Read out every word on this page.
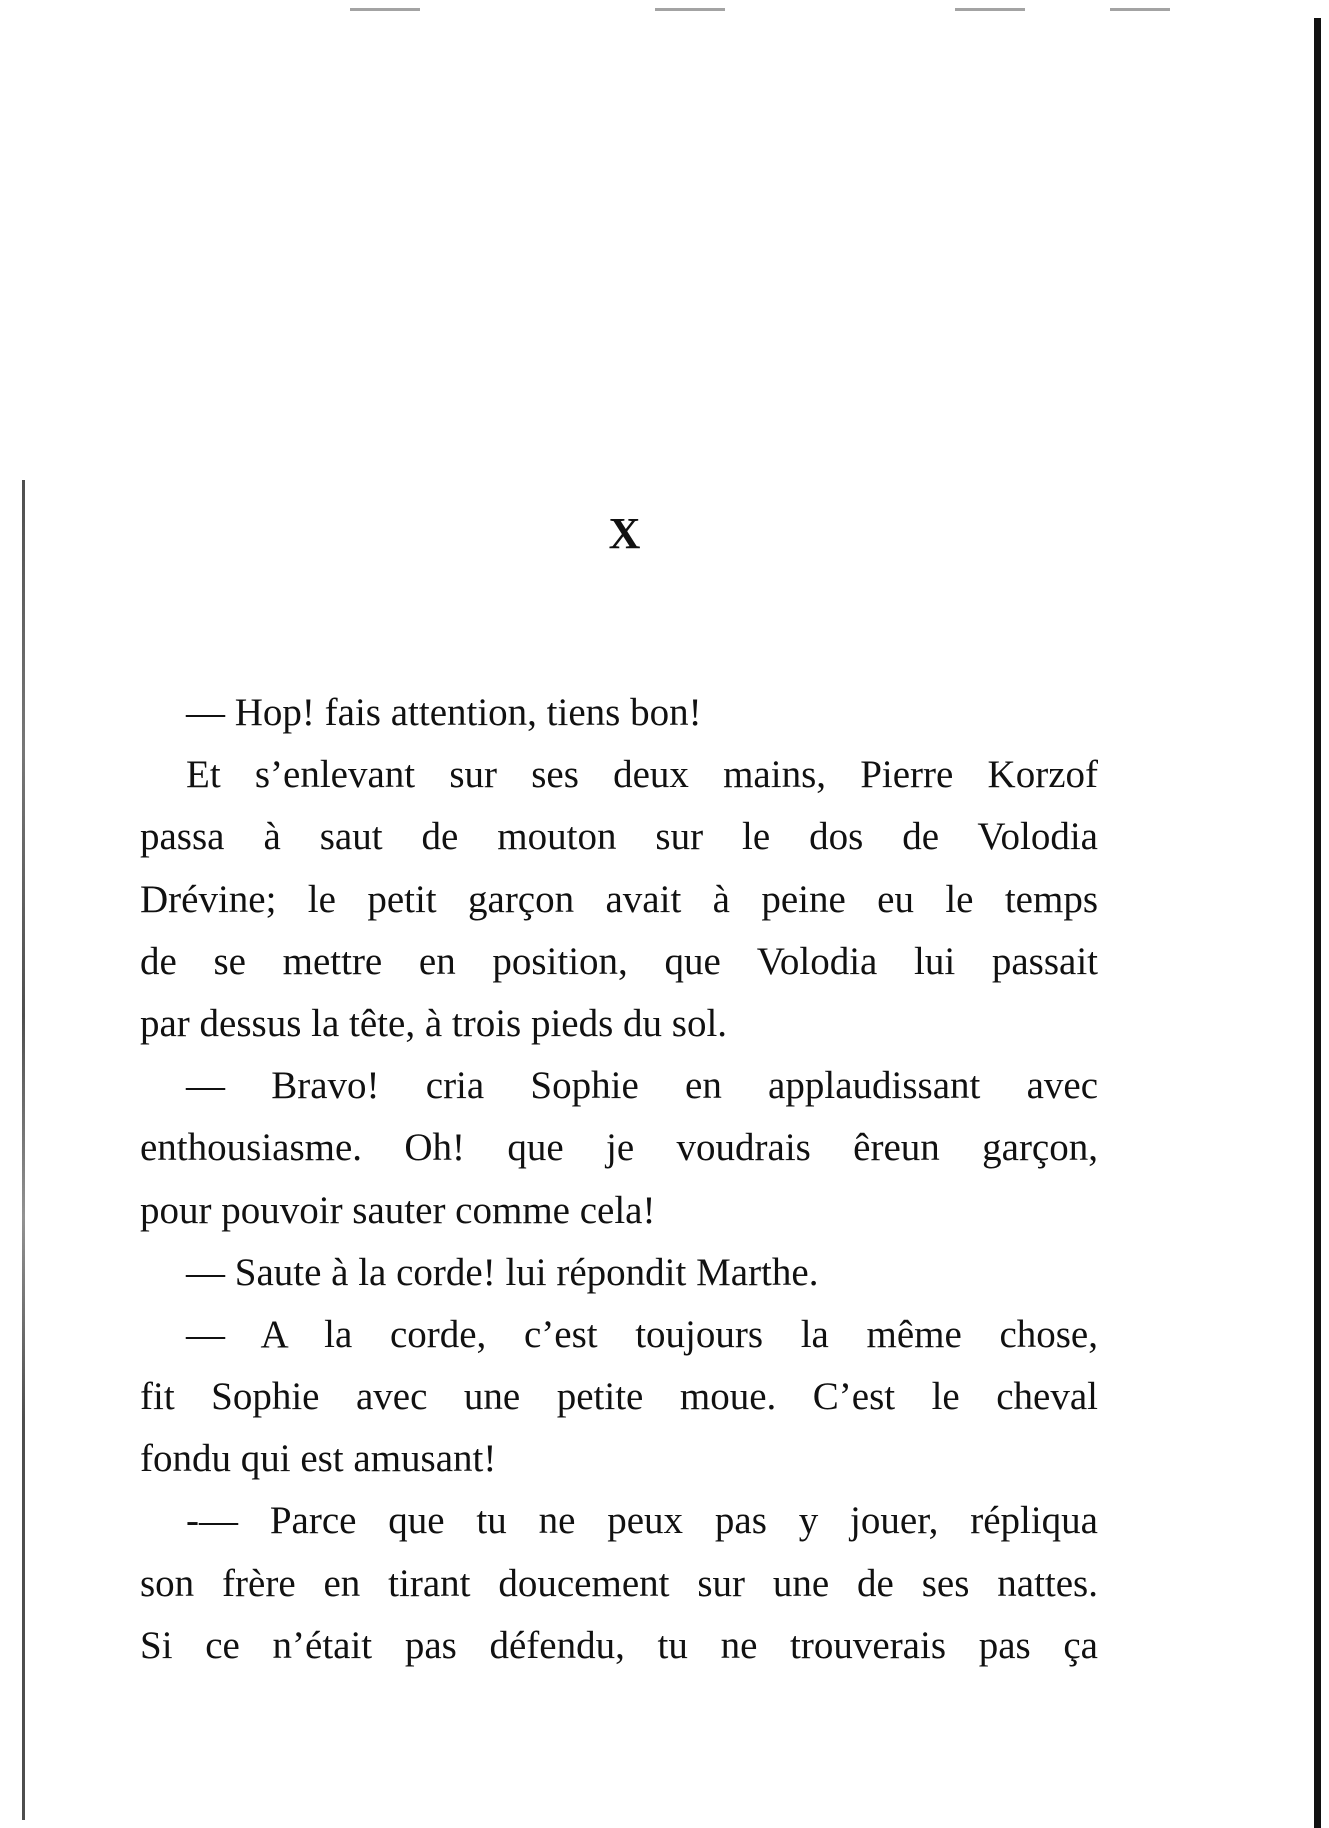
X
— Hop! fais attention, tiens bon!
Et s’enlevant sur ses deux mains, Pierre Korzof
passa à saut de mouton sur le dos de Volodia
Drévine; le petit garçon avait à peine eu le temps
de se mettre en position, que Volodia lui passait
par dessus la tête, à trois pieds du sol.
— Bravo! cria Sophie en applaudissant avec
enthousiasme. Oh! que je voudrais êreun garçon,
pour pouvoir sauter comme cela!
— Saute à la corde! lui répondit Marthe.
— A la corde, c’est toujours la même chose,
fit Sophie avec une petite moue. C’est le cheval
fondu qui est amusant!
-— Parce que tu ne peux pas y jouer, répliqua
son frère en tirant doucement sur une de ses nattes.
Si ce n’était pas défendu, tu ne trouverais pas ça
